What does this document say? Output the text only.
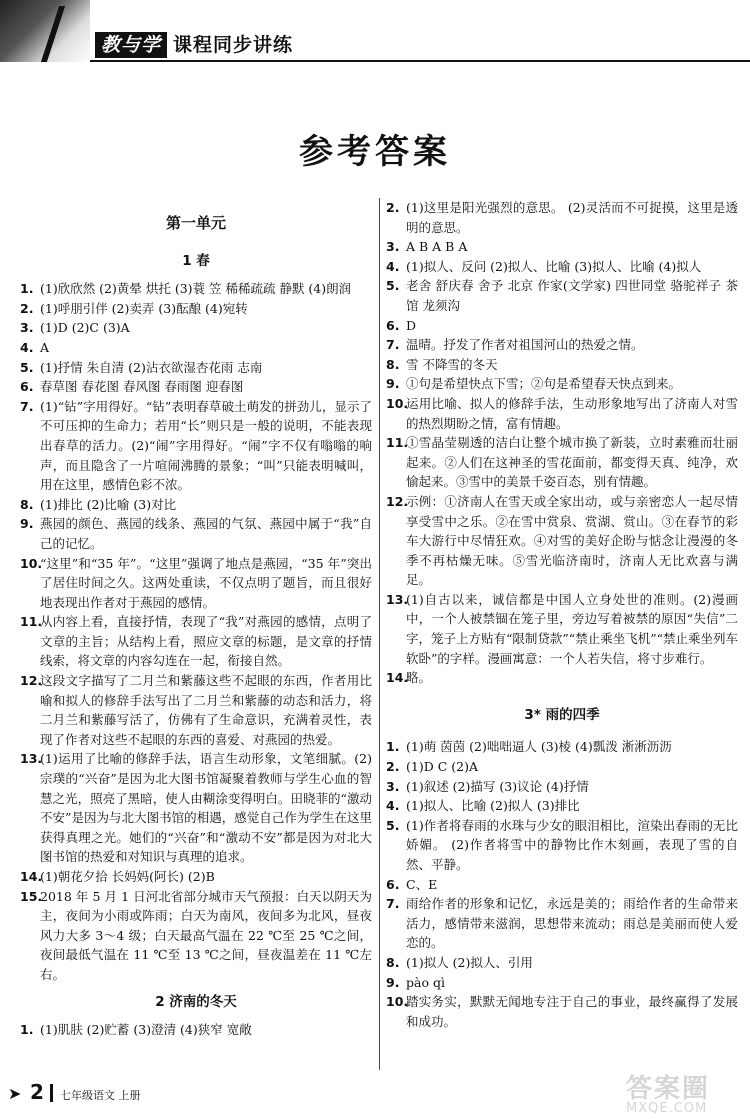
教与学 课程同步讲练
参考答案
第一单元
1 春
1. (1)欣欣然 (2)黄晕 烘托 (3)蓑 笠 稀稀疏疏 静默 (4)朗润
2. (1)呼朋引伴 (2)卖弄 (3)酝酿 (4)宛转
3. (1)D (2)C (3)A
4. A
5. (1)抒情 朱自清 (2)沾衣欲湿杏花雨 志南
6. 春草图 春花图 春风图 春雨图 迎春图
7. (1)“钻”字用得好。“钻”表明春草破土萌发的拼劲儿，显示了不可压抑的生命力；若用“长”则只是一般的说明，不能表现出春草的活力。(2)“闹”字用得好。“闹”字不仅有嗡嗡的响声，而且隐含了一片喧闹沸腾的景象；“叫”只能表明喊叫，用在这里，感情色彩不浓。
8. (1)排比 (2)比喻 (3)对比
9. 燕园的颜色、燕园的线条、燕园的气氛、燕园中属于“我”自己的记忆。
10.
“这里”和“35 年”。“这里”强调了地点是燕园，“35 年”突出了居住时间之久。这两处重读，不仅点明了题旨，而且很好地表现出作者对于燕园的感情。
11.
从内容上看，直接抒情，表现了“我”对燕园的感情，点明了文章的主旨；从结构上看，照应文章的标题，是文章的抒情线索，将文章的内容勾连在一起，衔接自然。
12.
这段文字描写了二月兰和紫藤这些不起眼的东西，作者用比喻和拟人的修辞手法写出了二月兰和紫藤的动态和活力，将二月兰和紫藤写活了，仿佛有了生命意识，充满着灵性，表现了作者对这些不起眼的东西的喜爱、对燕园的热爱。
13.
(1)运用了比喻的修辞手法，语言生动形象，文笔细腻。(2)宗璞的“兴奋”是因为北大图书馆凝聚着教师与学生心血的智慧之光，照亮了黑暗，使人由糊涂变得明白。田晓菲的“激动不安”是因为与北大图书馆的相遇，感觉自己作为学生在这里获得真理之光。她们的“兴奋”和“激动不安”都是因为对北大图书馆的热爱和对知识与真理的追求。
14.
(1)朝花夕拾 长妈妈(阿长) (2)B
15.
2018 年 5 月 1 日河北省部分城市天气预报：白天以阴天为主，夜间为小雨或阵雨；白天为南风，夜间多为北风，昼夜风力大多 3～4 级；白天最高气温在 22 ℃至 25 ℃之间，夜间最低气温在 11 ℃至 13 ℃之间，昼夜温差在 11 ℃左右。
2 济南的冬天
1. (1)肌肤 (2)贮蓄 (3)澄清 (4)狭窄 宽敞
2. (1)这里是阳光强烈的意思。 (2)灵活而不可捉摸，这里是透明的意思。
3. A B A B A
4. (1)拟人、反问 (2)拟人、比喻 (3)拟人、比喻 (4)拟人
5. 老舍 舒庆春 舍予 北京 作家(文学家) 四世同堂 骆驼祥子 茶馆 龙须沟
6. D
7. 温晴。抒发了作者对祖国河山的热爱之情。
8. 雪 不降雪的冬天
9. ①句是希望快点下雪；②句是希望春天快点到来。
10.
运用比喻、拟人的修辞手法，生动形象地写出了济南人对雪的热烈期盼之情，富有情趣。
11.
①雪晶莹剔透的洁白让整个城市换了新装，立时素雅而壮丽起来。②人们在这神圣的雪花面前，都变得天真、纯净，欢愉起来。③雪中的美景千姿百态，别有情趣。
12.
示例：①济南人在雪天或全家出动，或与亲密恋人一起尽情享受雪中之乐。②在雪中赏泉、赏湖、赏山。③在春节的彩车大游行中尽情狂欢。④对雪的美好企盼与惦念让漫漫的冬季不再枯燥无味。⑤雪光临济南时，济南人无比欢喜与满足。
13.
(1)自古以来，诚信都是中国人立身处世的准则。(2)漫画中，一个人被禁锢在笼子里，旁边写着被禁的原因“失信”二字，笼子上方贴有“限制贷款”“禁止乘坐飞机”“禁止乘坐列车软卧”的字样。漫画寓意：一个人若失信，将寸步难行。
14.
略。
3* 雨的四季
1. (1)萌 茵茵 (2)咄咄逼人 (3)棱 (4)瓢泼 淅淅沥沥
2. (1)D C (2)A
3. (1)叙述 (2)描写 (3)议论 (4)抒情
4. (1)拟人、比喻 (2)拟人 (3)排比
5. (1)作者将春雨的水珠与少女的眼泪相比，渲染出春雨的无比娇媚。 (2)作者将雪中的静物比作木刻画，表现了雪的自然、平静。
6. C、E
7. 雨给作者的形象和记忆，永远是美的；雨给作者的生命带来活力，感情带来滋润，思想带来流动；雨总是美丽而使人爱恋的。
8. (1)拟人 (2)拟人、引用
9. pào qì
10.
踏实务实，默默无闻地专注于自己的事业，最终赢得了发展和成功。
➤ 2 七年级语文 上册	答案圈
MXQE.COM
